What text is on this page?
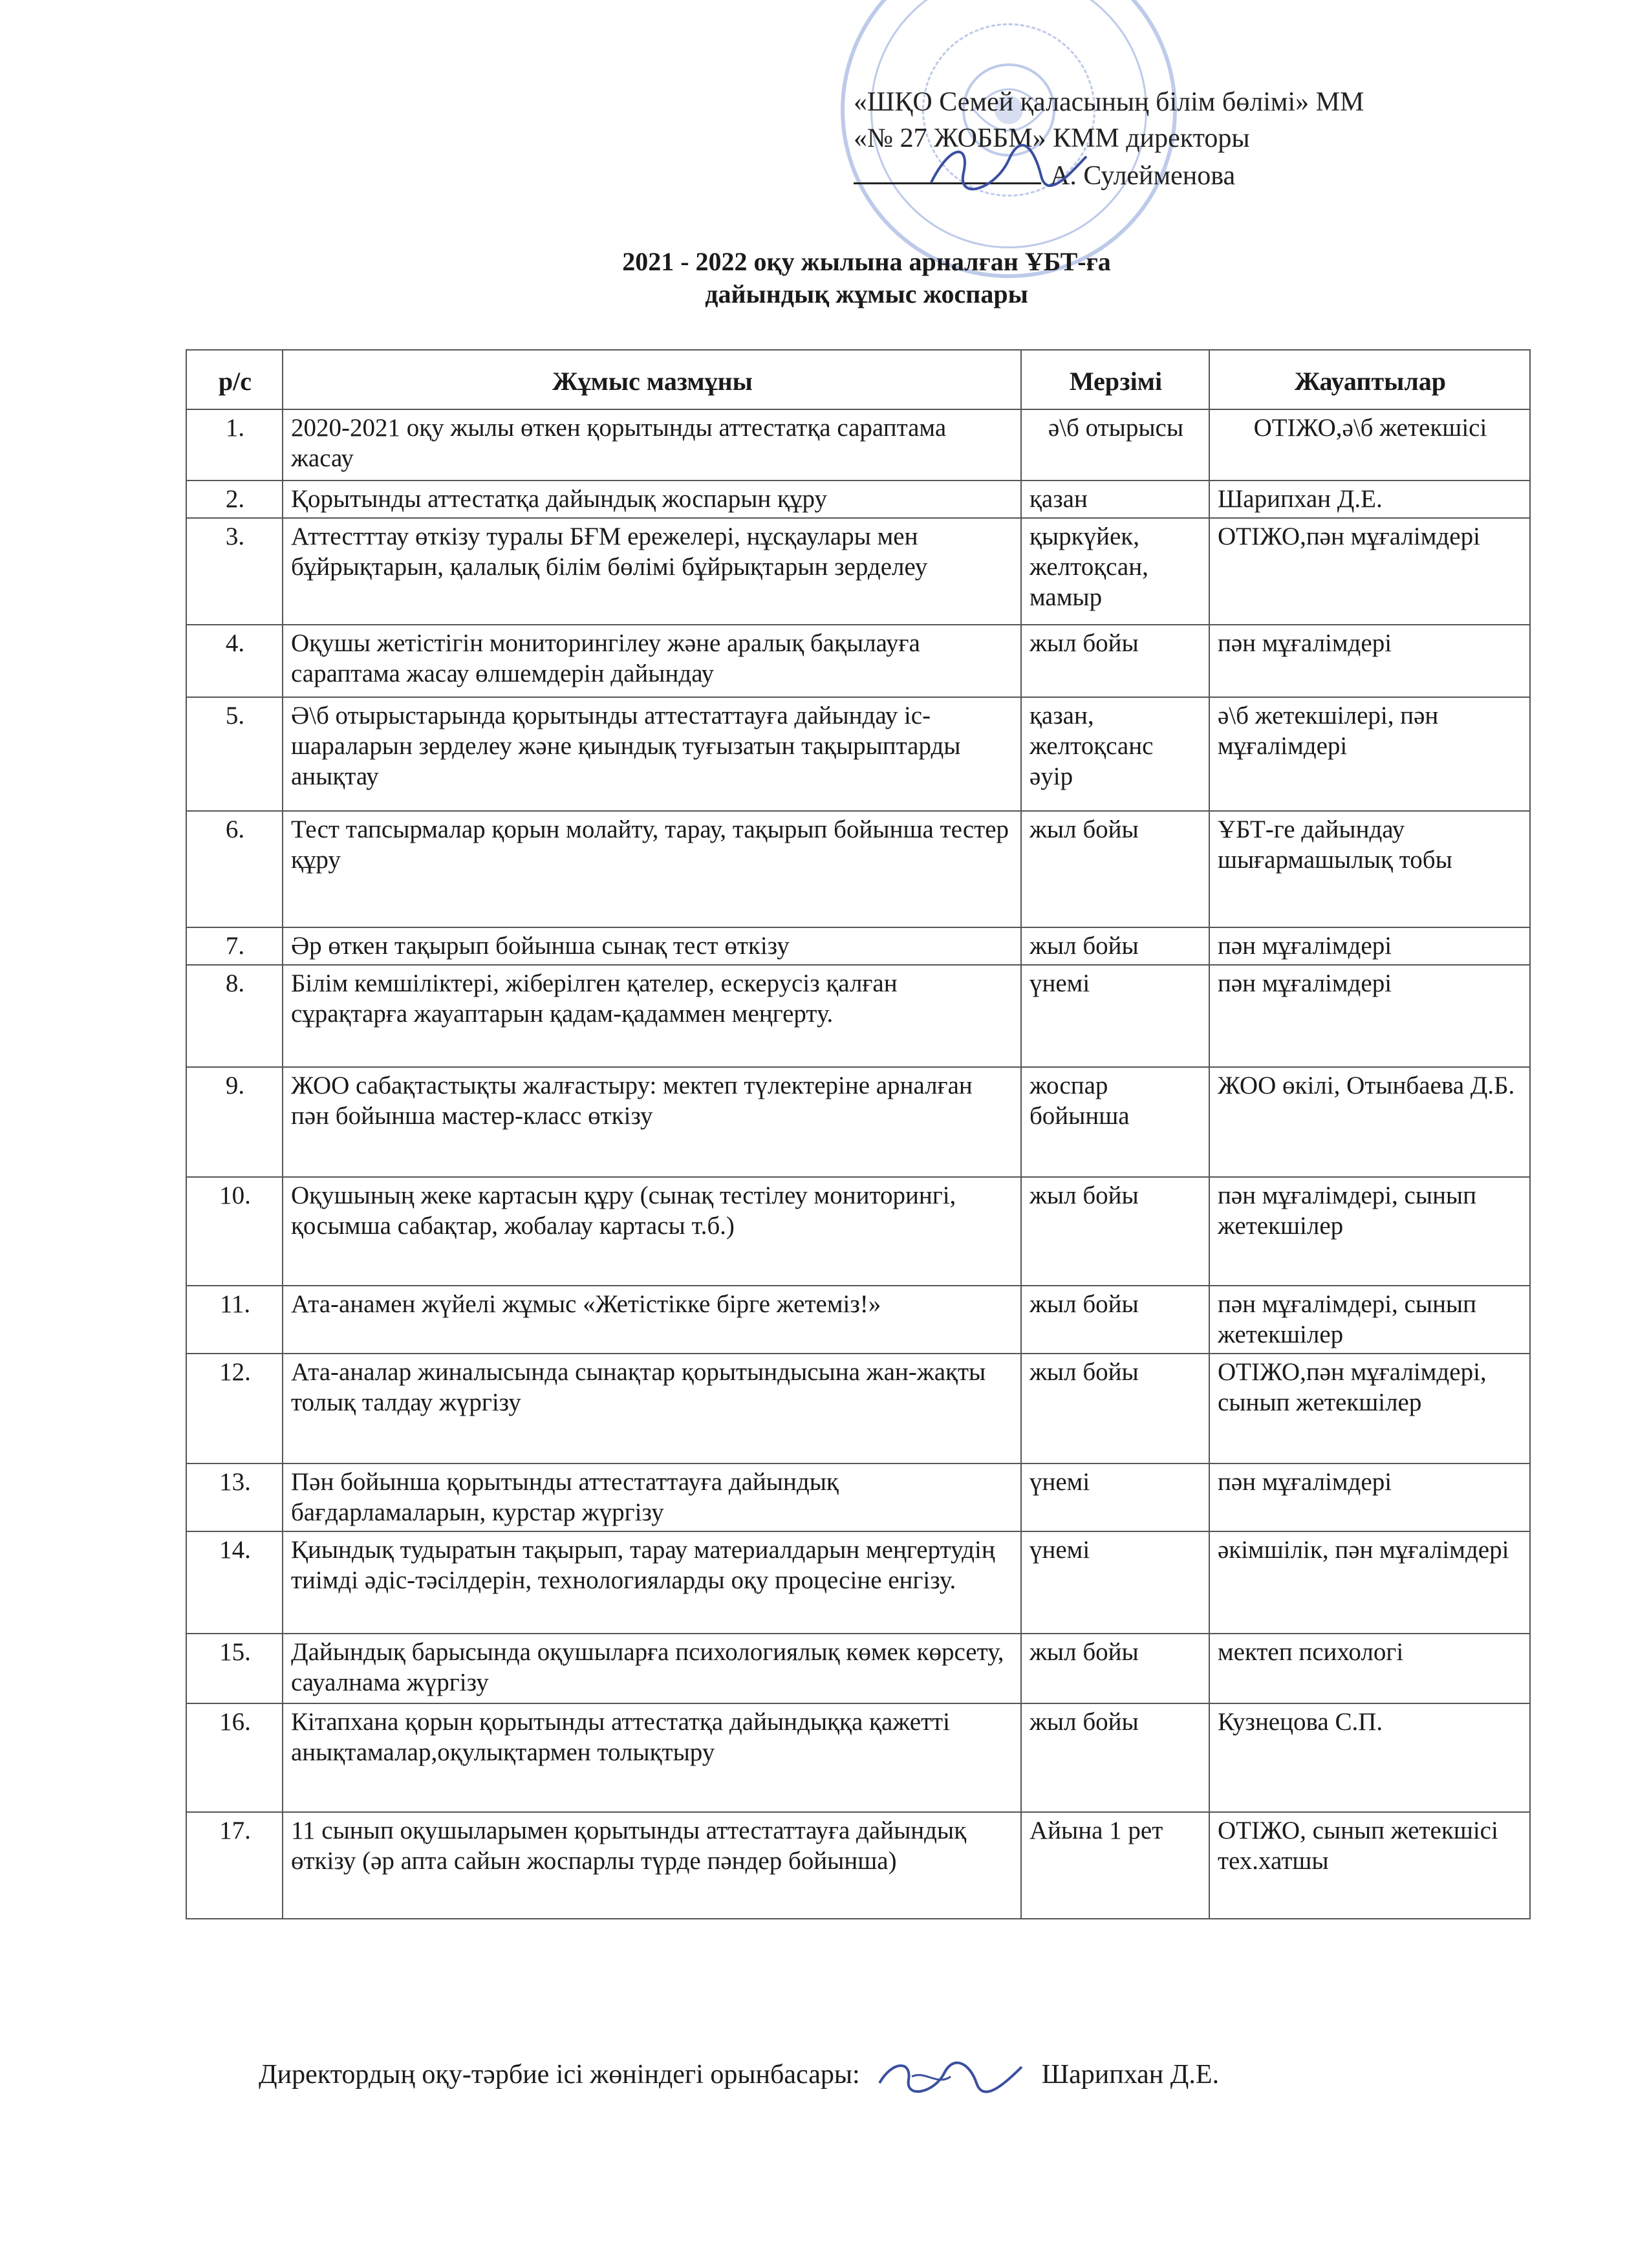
«ШҚО Семей қаласының білім бөлімі» ММ
«№ 27 ЖОББМ» КММ директоры
А. Сулейменова
2021 - 2022 оқу жылына арналған ҰБТ-ға
дайындық жұмыс жоспары
р/с	Жұмыс мазмұны	Мерзімі	Жауаптылар
1.	2020-2021 оқу жылы өткен қорытынды аттестатқа сараптама жасау	ә\б отырысы	ОТІЖО,ә\б жетекшісі
2.	Қорытынды аттестатқа дайындық жоспарын құру	қазан	Шарипхан Д.Е.
3.	Аттестттау өткізу туралы БҒМ ережелері, нұсқаулары мен бұйрықтарын, қалалық білім бөлімі бұйрықтарын зерделеу	қыркүйек, желтоқсан, мамыр	ОТІЖО,пән мұғалімдері
4.	Оқушы жетістігін мониторингілеу және аралық бақылауға сараптама жасау өлшемдерін дайындау	жыл бойы	пән мұғалімдері
5.	Ә\б отырыстарында қорытынды аттестаттауға дайындау іс-шараларын зерделеу және қиындық туғызатын тақырыптарды анықтау	қазан, желтоқсанс әуір	ә\б жетекшілері, пән мұғалімдері
6.	Тест тапсырмалар қорын молайту, тарау, тақырып бойынша тестер құру	жыл бойы	ҰБТ-ге дайындау шығармашылық тобы
7.	Әр өткен тақырып бойынша сынақ тест өткізу	жыл бойы	пән мұғалімдері
8.	Білім кемшіліктері, жіберілген қателер, ескерусіз қалған сұрақтарға жауаптарын қадам-қадаммен меңгерту.	үнемі	пән мұғалімдері
9.	ЖОО сабақтастықты жалғастыру: мектеп түлектеріне арналған пән бойынша мастер-класс өткізу	жоспар бойынша	ЖОО өкілі, Отынбаева Д.Б.
10.	Оқушының жеке картасын құру (сынақ тестілеу мониторингі, қосымша сабақтар, жобалау картасы т.б.)	жыл бойы	пән мұғалімдері, сынып жетекшілер
11.	Ата-анамен жүйелі жұмыс «Жетістікке бірге жетеміз!»	жыл бойы	пән мұғалімдері, сынып жетекшілер
12.	Ата-аналар жиналысында сынақтар қорытындысына жан-жақты толық талдау жүргізу	жыл бойы	ОТІЖО,пән мұғалімдері, сынып жетекшілер
13.	Пән бойынша қорытынды аттестаттауға дайындық бағдарламаларын, курстар жүргізу	үнемі	пән мұғалімдері
14.	Қиындық тудыратын тақырып, тарау материалдарын меңгертудің тиімді әдіс-тәсілдерін, технологияларды оқу процесіне енгізу.	үнемі	әкімшілік, пән мұғалімдері
15.	Дайындық барысында оқушыларға психологиялық көмек көрсету, сауалнама жүргізу	жыл бойы	мектеп психологі
16.	Кітапхана қорын қорытынды аттестатқа дайындыққа қажетті анықтамалар,оқулықтармен толықтыру	жыл бойы	Кузнецова С.П.
17.	11 сынып оқушыларымен қорытынды аттестаттауға дайындық өткізу (әр апта сайын жоспарлы түрде пәндер бойынша)	Айына 1 рет	ОТІЖО, сынып жетекшісі тех.хатшы
Директордың оқу-тәрбие ісі жөніндегі орынбасары:	Шарипхан Д.Е.
